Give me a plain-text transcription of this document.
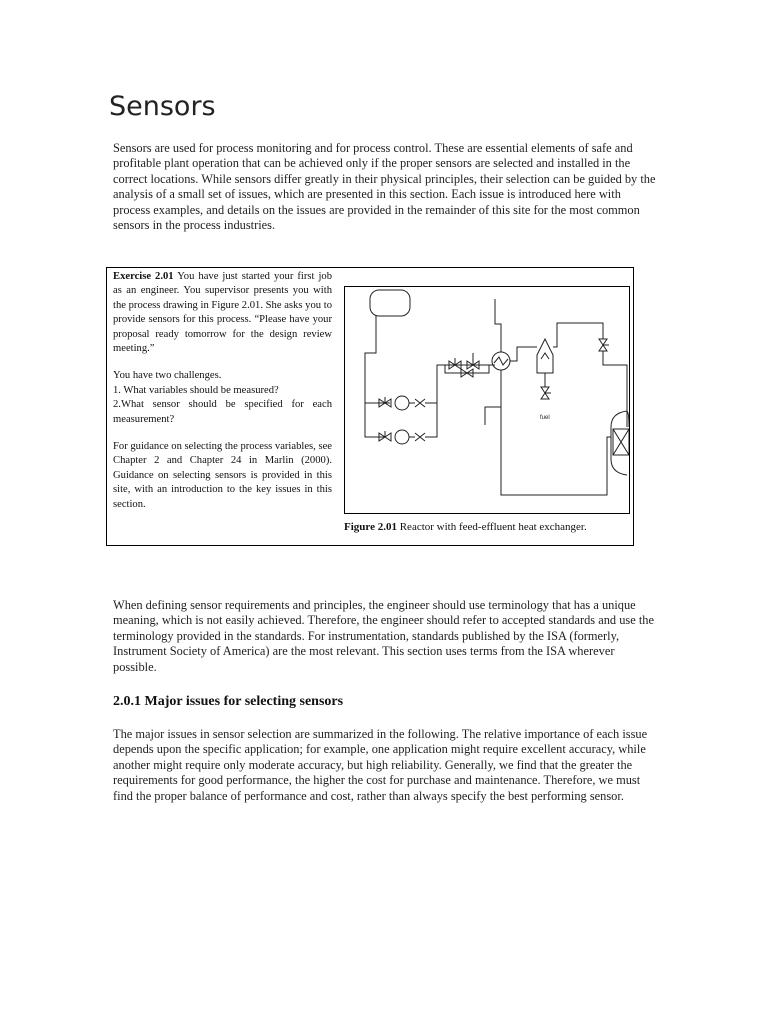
Sensors

Sensors are used for process monitoring and for process control. These are essential elements of safe and profitable plant operation that can be achieved only if the proper sensors are selected and installed in the correct locations. While sensors differ greatly in their physical principles, their selection can be guided by the analysis of a small set of issues, which are presented in this section. Each issue is introduced here with process examples, and details on the issues are provided in the remainder of this site for the most common sensors in the process industries.

Exercise 2.01 You have just started your first job as an engineer. You supervisor presents you with the process drawing in Figure 2.01. She asks you to provide sensors for this process. “Please have your proposal ready tomorrow for the design review meeting.”

You have two challenges.
1. What variables should be measured?
2.What sensor should be specified for each measurement?

For guidance on selecting the process variables, see Chapter 2 and Chapter 24 in Marlin (2000). Guidance on selecting sensors is provided in this site, with an introduction to the key issues in this section.

fuel

Figure 2.01 Reactor with feed-effluent heat exchanger.

When defining sensor requirements and principles, the engineer should use terminology that has a unique meaning, which is not easily achieved. Therefore, the engineer should refer to accepted standards and use the terminology provided in the standards. For instrumentation, standards published by the ISA (formerly, Instrument Society of America) are the most relevant. This section uses terms from the ISA wherever possible.

2.0.1 Major issues for selecting sensors

The major issues in sensor selection are summarized in the following. The relative importance of each issue depends upon the specific application; for example, one application might require excellent accuracy, while another might require only moderate accuracy, but high reliability. Generally, we find that the greater the requirements for good performance, the higher the cost for purchase and maintenance. Therefore, we must find the proper balance of performance and cost, rather than always specify the best performing sensor.
